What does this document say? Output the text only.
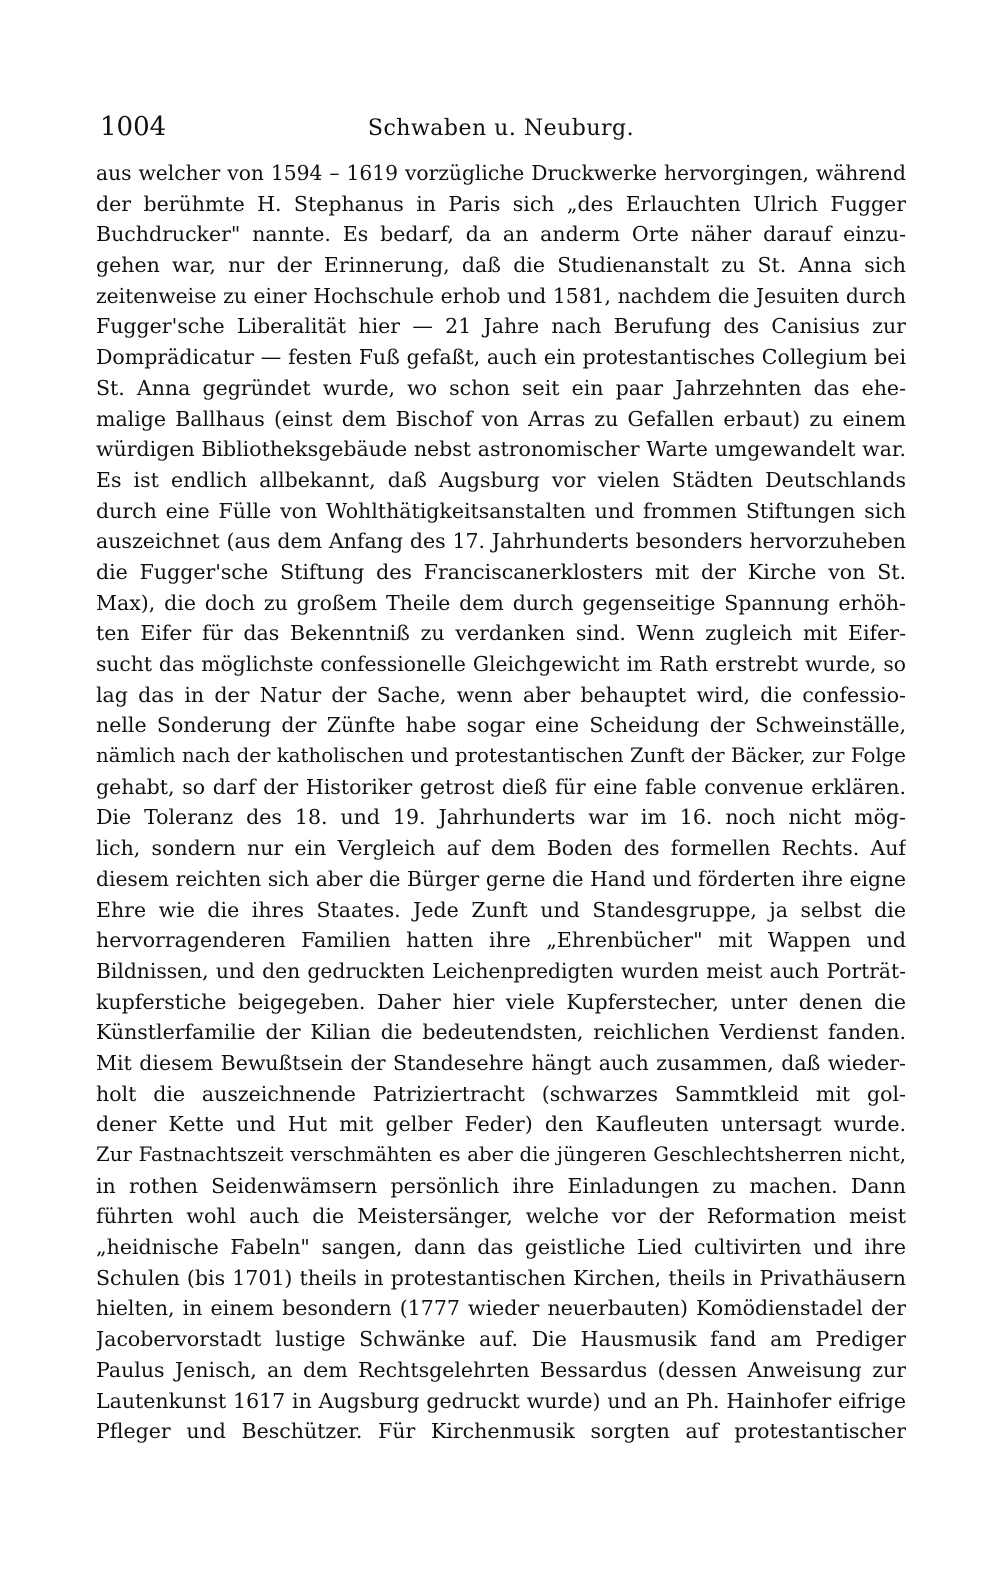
1004	Schwaben u. Neuburg.
aus welcher von 1594 – 1619 vorzügliche Druckwerke hervorgingen, während
der berühmte H. Stephanus in Paris sich „des Erlauchten Ulrich Fugger
Buchdrucker" nannte. Es bedarf, da an anderm Orte näher darauf einzu-
gehen war, nur der Erinnerung, daß die Studienanstalt zu St. Anna sich
zeitenweise zu einer Hochschule erhob und 1581, nachdem die Jesuiten durch
Fugger'sche Liberalität hier — 21 Jahre nach Berufung des Canisius zur
Domprädicatur — festen Fuß gefaßt, auch ein protestantisches Collegium bei
St. Anna gegründet wurde, wo schon seit ein paar Jahrzehnten das ehe-
malige Ballhaus (einst dem Bischof von Arras zu Gefallen erbaut) zu einem
würdigen Bibliotheksgebäude nebst astronomischer Warte umgewandelt war.
Es ist endlich allbekannt, daß Augsburg vor vielen Städten Deutschlands
durch eine Fülle von Wohlthätigkeitsanstalten und frommen Stiftungen sich
auszeichnet (aus dem Anfang des 17. Jahrhunderts besonders hervorzuheben
die Fugger'sche Stiftung des Franciscanerklosters mit der Kirche von St.
Max), die doch zu großem Theile dem durch gegenseitige Spannung erhöh-
ten Eifer für das Bekenntniß zu verdanken sind. Wenn zugleich mit Eifer-
sucht das möglichste confessionelle Gleichgewicht im Rath erstrebt wurde, so
lag das in der Natur der Sache, wenn aber behauptet wird, die confessio-
nelle Sonderung der Zünfte habe sogar eine Scheidung der Schweinställe,
nämlich nach der katholischen und protestantischen Zunft der Bäcker, zur Folge
gehabt, so darf der Historiker getrost dieß für eine fable convenue erklären.
Die Toleranz des 18. und 19. Jahrhunderts war im 16. noch nicht mög-
lich, sondern nur ein Vergleich auf dem Boden des formellen Rechts. Auf
diesem reichten sich aber die Bürger gerne die Hand und förderten ihre eigne
Ehre wie die ihres Staates. Jede Zunft und Standesgruppe, ja selbst die
hervorragenderen Familien hatten ihre „Ehrenbücher" mit Wappen und
Bildnissen, und den gedruckten Leichenpredigten wurden meist auch Porträt-
kupferstiche beigegeben. Daher hier viele Kupferstecher, unter denen die
Künstlerfamilie der Kilian die bedeutendsten, reichlichen Verdienst fanden.
Mit diesem Bewußtsein der Standesehre hängt auch zusammen, daß wieder-
holt die auszeichnende Patriziertracht (schwarzes Sammtkleid mit gol-
dener Kette und Hut mit gelber Feder) den Kaufleuten untersagt wurde.
Zur Fastnachtszeit verschmähten es aber die jüngeren Geschlechtsherren nicht,
in rothen Seidenwämsern persönlich ihre Einladungen zu machen. Dann
führten wohl auch die Meistersänger, welche vor der Reformation meist
„heidnische Fabeln" sangen, dann das geistliche Lied cultivirten und ihre
Schulen (bis 1701) theils in protestantischen Kirchen, theils in Privathäusern
hielten, in einem besondern (1777 wieder neuerbauten) Komödienstadel der
Jacobervorstadt lustige Schwänke auf. Die Hausmusik fand am Prediger
Paulus Jenisch, an dem Rechtsgelehrten Bessardus (dessen Anweisung zur
Lautenkunst 1617 in Augsburg gedruckt wurde) und an Ph. Hainhofer eifrige
Pfleger und Beschützer. Für Kirchenmusik sorgten auf protestantischer
